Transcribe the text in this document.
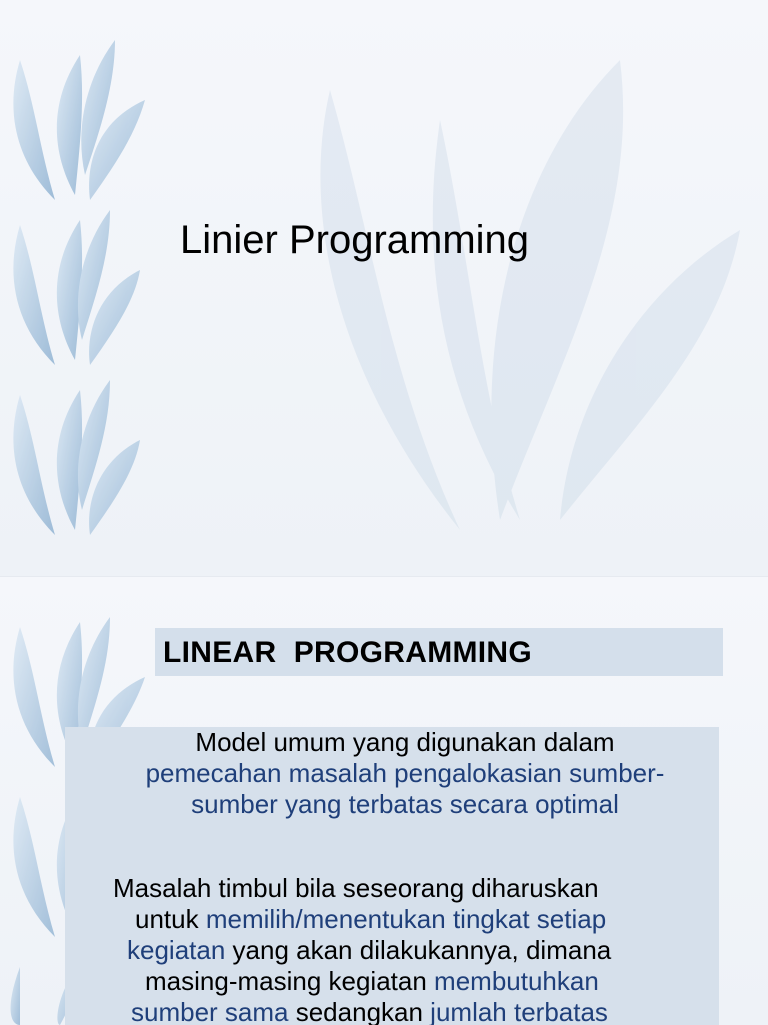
Linier Programming
LINEAR  PROGRAMMING
Model umum yang digunakan dalam
pemecahan masalah pengalokasian sumber-
sumber yang terbatas secara optimal
Masalah timbul bila seseorang diharuskan
untuk memilih/menentukan tingkat setiap
kegiatan yang akan dilakukannya, dimana
masing-masing kegiatan membutuhkan
sumber sama sedangkan jumlah terbatas
